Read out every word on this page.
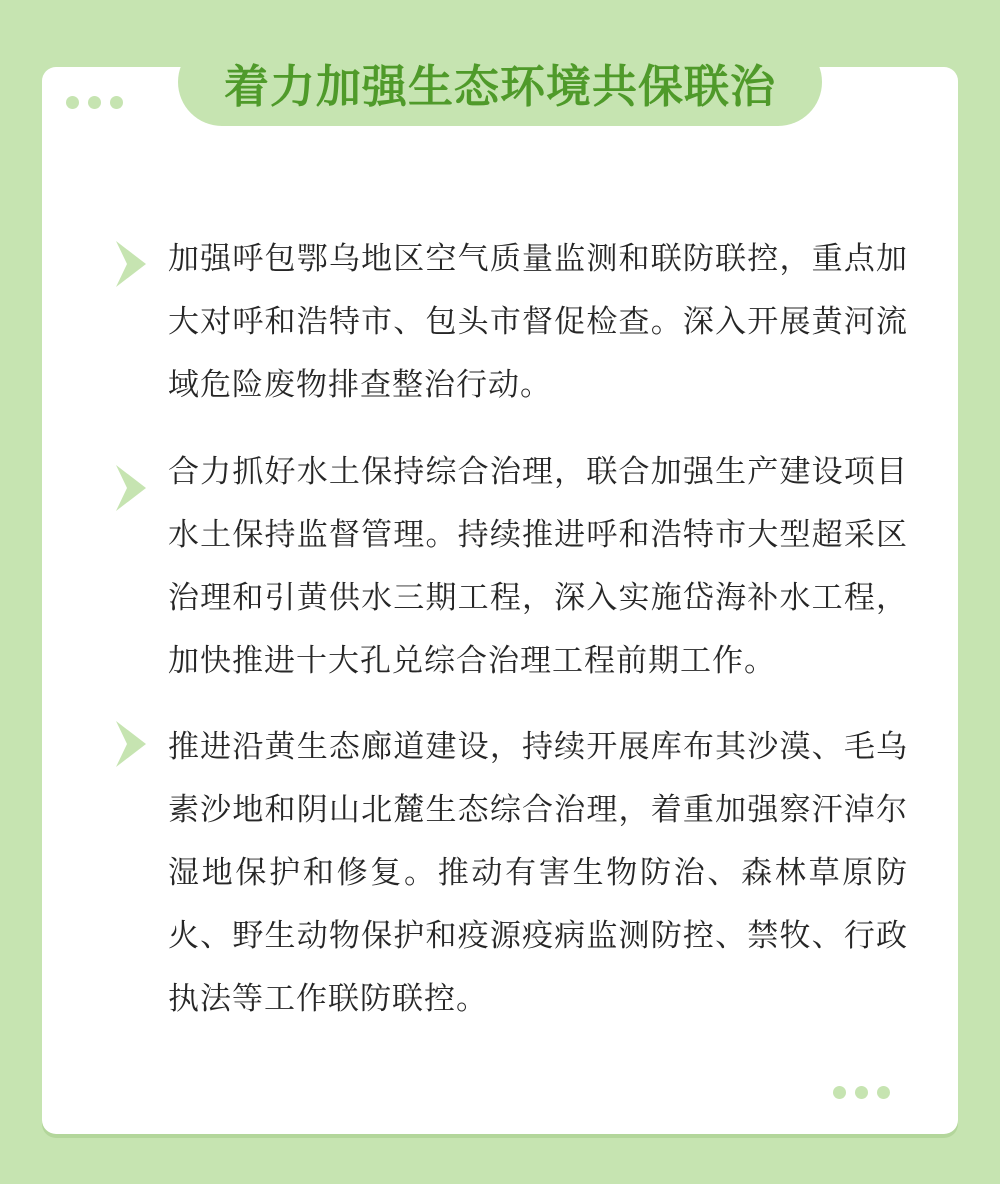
着力加强生态环境共保联治
加强呼包鄂乌地区空气质量监测和联防联控，重点加大对呼和浩特市、包头市督促检查。深入开展黄河流域危险废物排查整治行动。
合力抓好水土保持综合治理，联合加强生产建设项目水土保持监督管理。持续推进呼和浩特市大型超采区治理和引黄供水三期工程，深入实施岱海补水工程，加快推进十大孔兑综合治理工程前期工作。
推进沿黄生态廊道建设，持续开展库布其沙漠、毛乌素沙地和阴山北麓生态综合治理，着重加强察汗淖尔湿地保护和修复。推动有害生物防治、森林草原防火、野生动物保护和疫源疫病监测防控、禁牧、行政执法等工作联防联控。
